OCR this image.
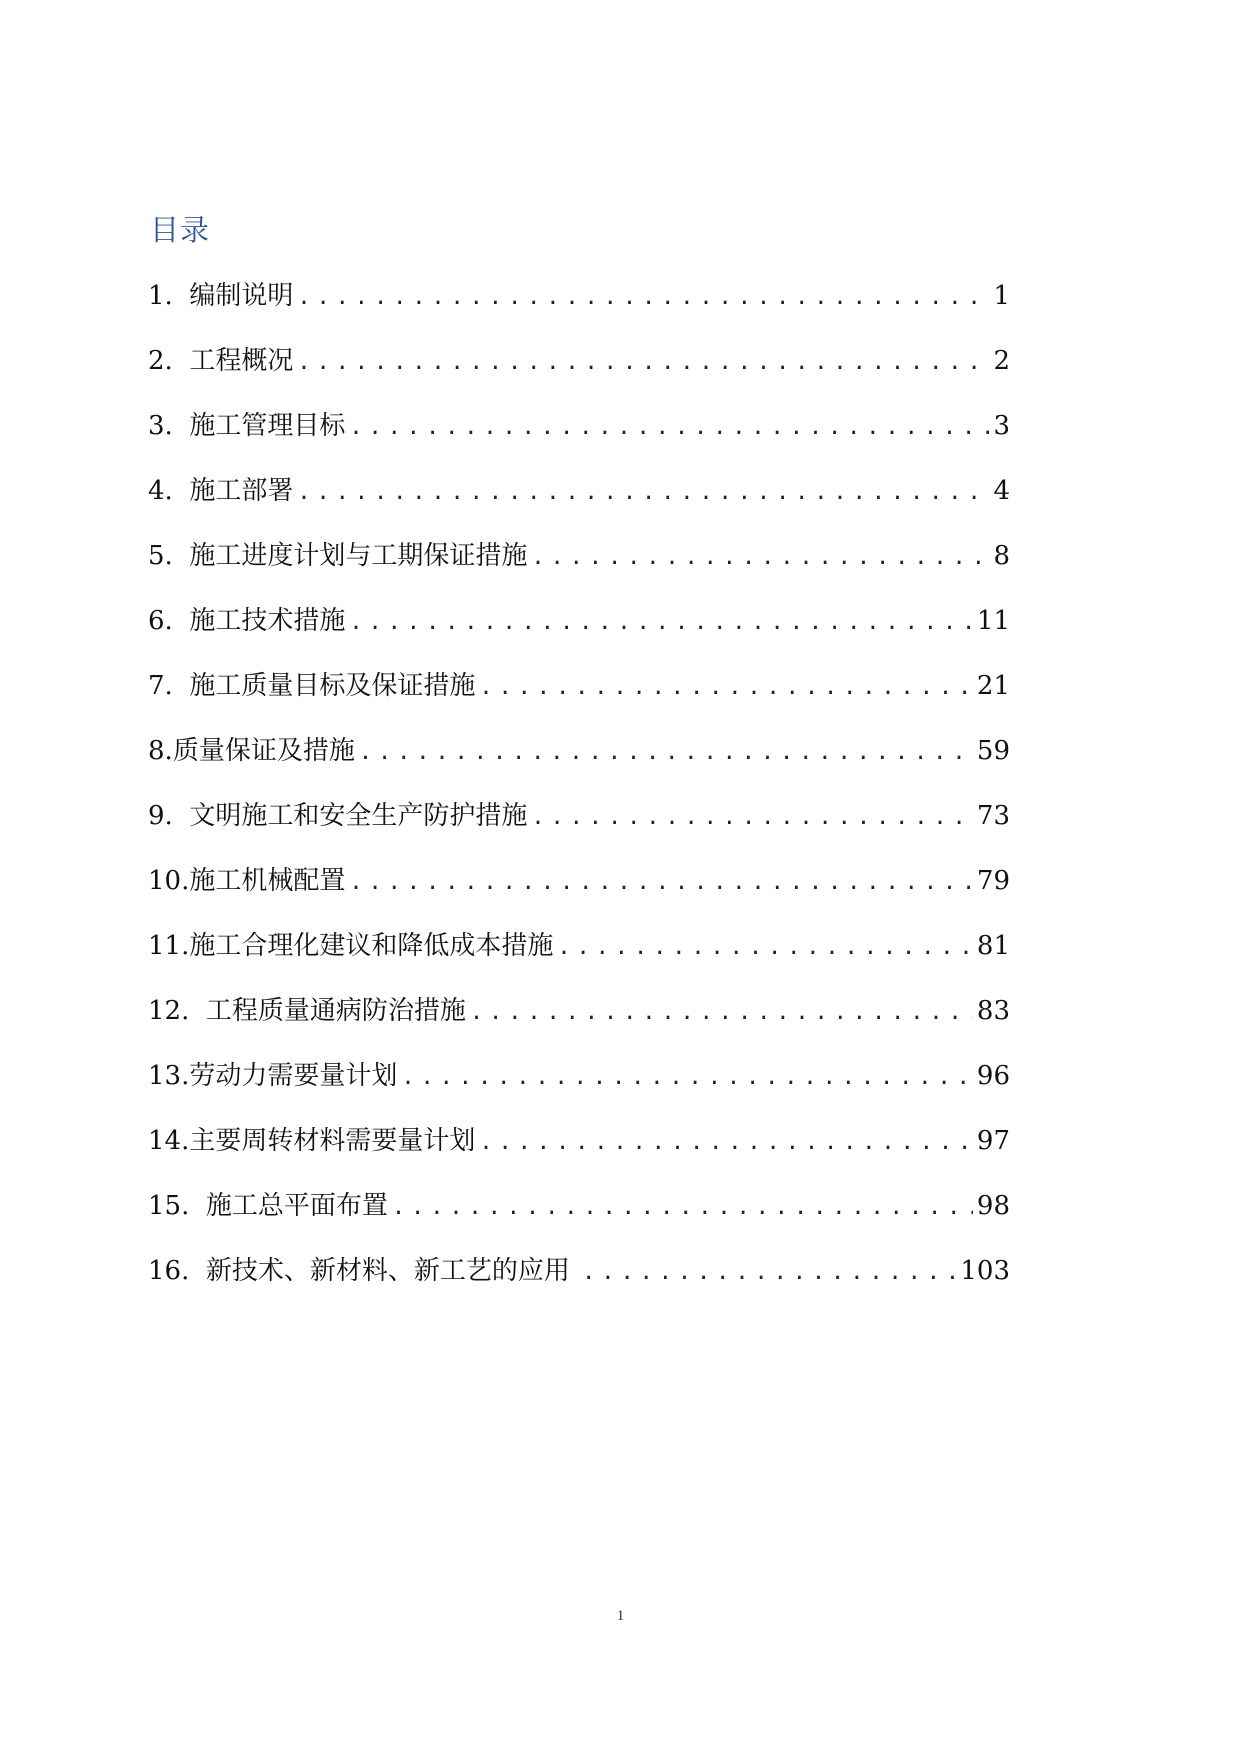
目录
1. 编制说明 .....	1
2. 工程概况 .....	2
3. 施工管理目标 .....	3
4. 施工部署 .....	4
5. 施工进度计划与工期保证措施 .....	8
6. 施工技术措施 .....	11
7. 施工质量目标及保证措施 .....	21
8. 质量保证及措施 .....	59
9. 文明施工和安全生产防护措施 .....	73
10. 施工机械配置 .....	79
11. 施工合理化建议和降低成本措施 .....	81
12. 工程质量通病防治措施 .....	83
13. 劳动力需要量计划 .....	96
14. 主要周转材料需要量计划 .....	97
15. 施工总平面布置 .....	98
16. 新技术、新材料、新工艺的应用 .....	103
1
